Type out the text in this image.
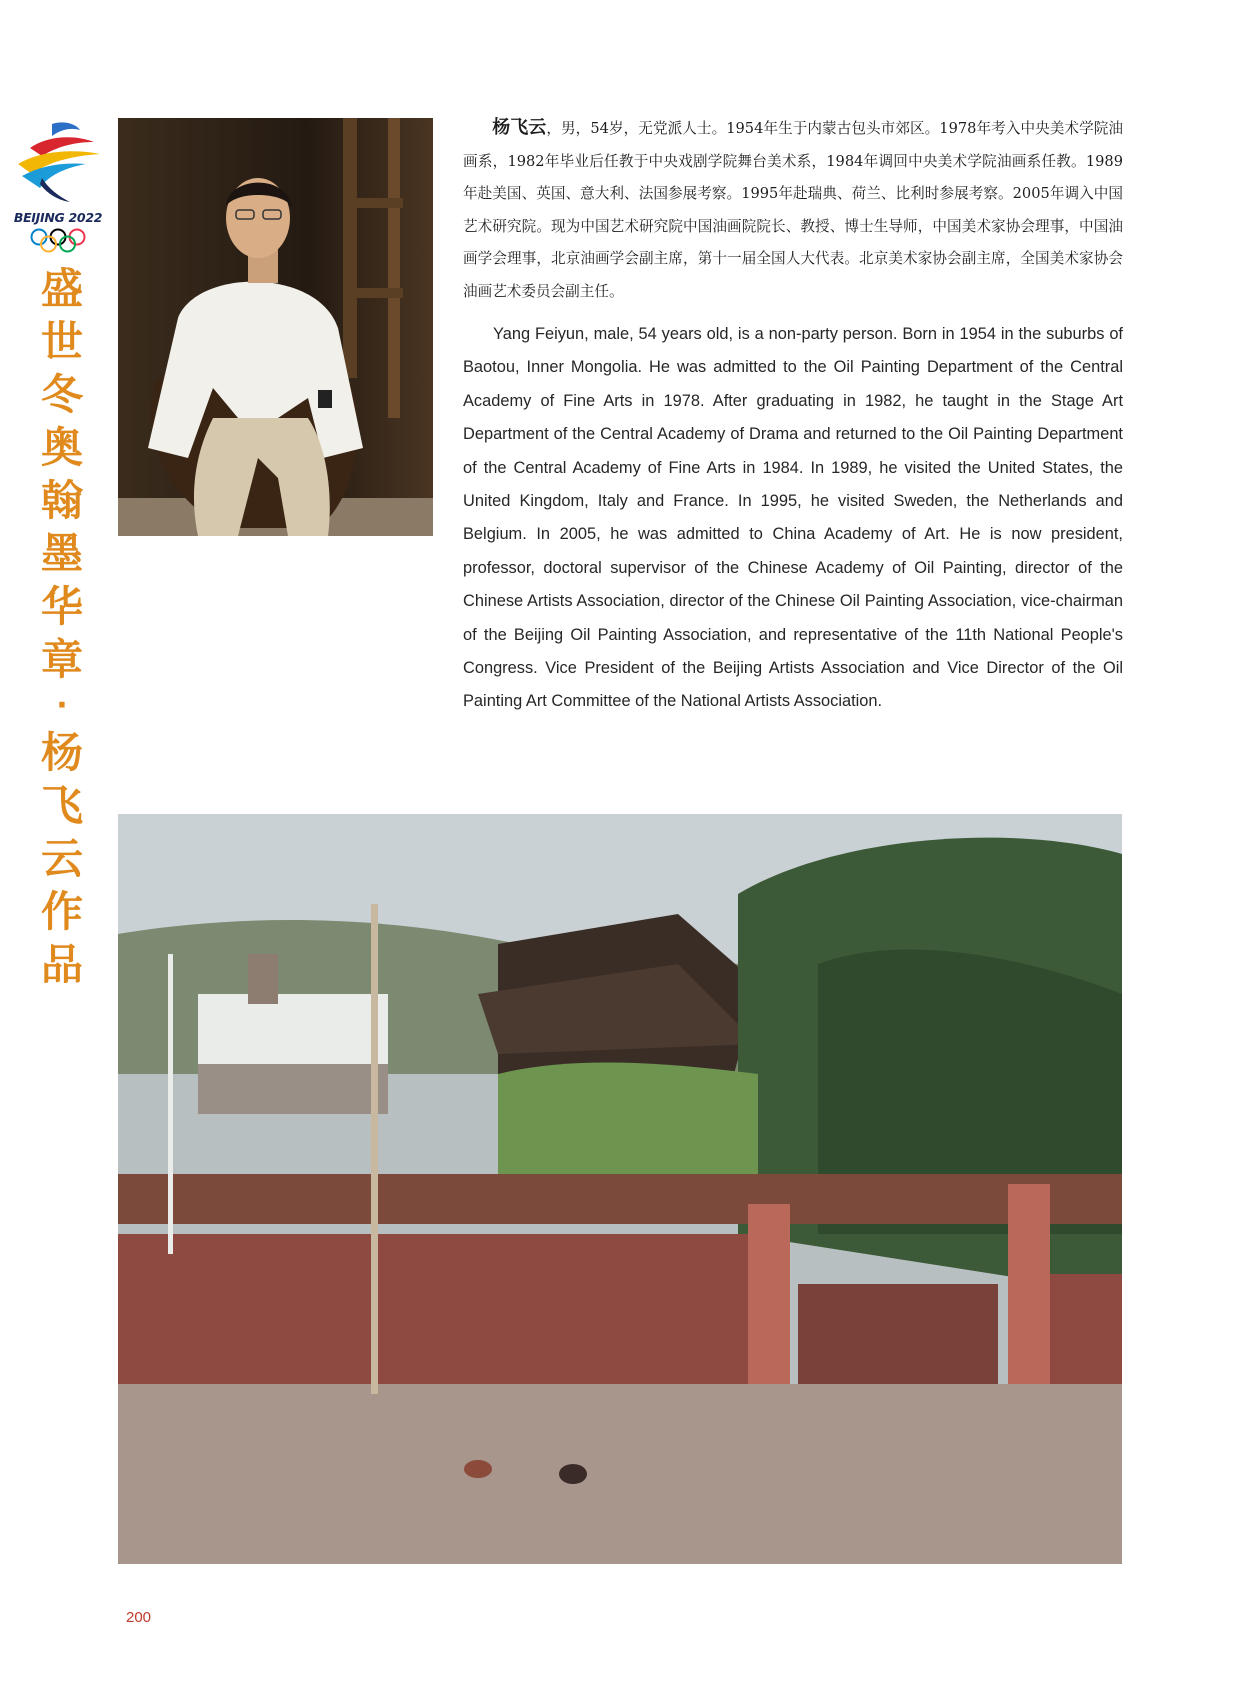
BEIJING 2022
盛
世
冬
奥
翰
墨
华
章
·
杨
飞
云
作
品

杨飞云，男，54岁，无党派人士。1954年生于内蒙古包头市郊区。1978年考入中央美术学院油画系，1982年毕业后任教于中央戏剧学院舞台美术系，1984年调回中央美术学院油画系任教。1989年赴美国、英国、意大利、法国参展考察。1995年赴瑞典、荷兰、比利时参展考察。2005年调入中国艺术研究院。现为中国艺术研究院中国油画院院长、教授、博士生导师，中国美术家协会理事，中国油画学会理事，北京油画学会副主席，第十一届全国人大代表。北京美术家协会副主席，全国美术家协会油画艺术委员会副主任。

Yang Feiyun, male, 54 years old, is a non-party person. Born in 1954 in the suburbs of Baotou, Inner Mongolia. He was admitted to the Oil Painting Department of the Central Academy of Fine Arts in 1978. After graduating in 1982, he taught in the Stage Art Department of the Central Academy of Drama and returned to the Oil Painting Department of the Central Academy of Fine Arts in 1984. In 1989, he visited the United States, the United Kingdom, Italy and France. In 1995, he visited Sweden, the Netherlands and Belgium. In 2005, he was admitted to China Academy of Art. He is now president, professor, doctoral supervisor of the Chinese Academy of Oil Painting, director of the Chinese Artists Association, director of the Chinese Oil Painting Association, vice-chairman of the Beijing Oil Painting Association, and representative of the 11th National People's Congress. Vice President of the Beijing Artists Association and Vice Director of the Oil Painting Art Committee of the National Artists Association.

200
